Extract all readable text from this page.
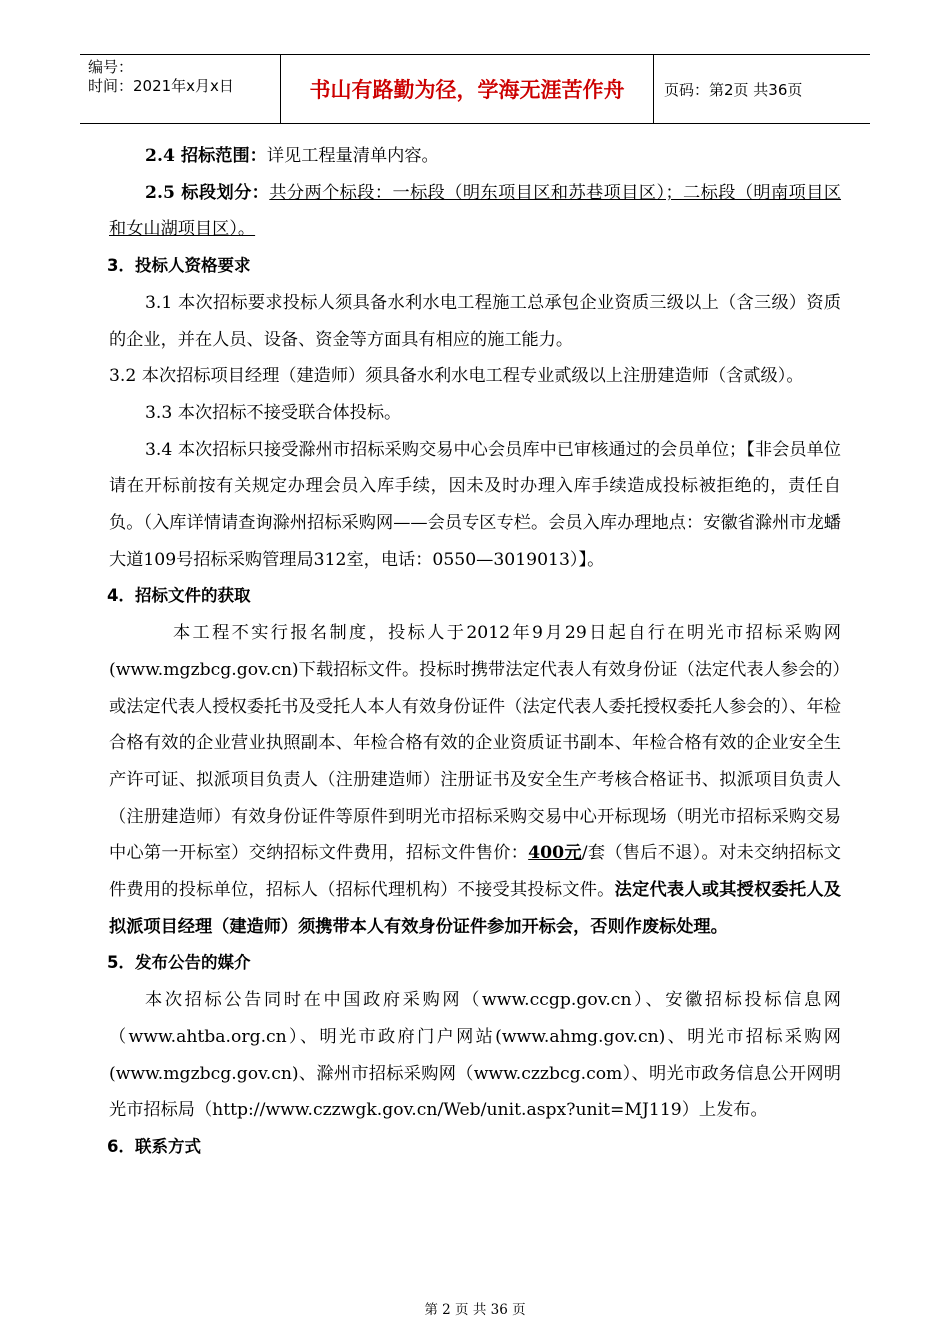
编号：
时间：2021年x月x日	书山有路勤为径，学海无涯苦作舟	页码：第2页 共36页

2.4 招标范围：详见工程量清单内容。

2.5 标段划分：共分两个标段：一标段（明东项目区和苏巷项目区）；二标段（明南项目区和女山湖项目区）。

3．投标人资格要求

3.1 本次招标要求投标人须具备水利水电工程施工总承包企业资质三级以上（含三级）资质的企业，并在人员、设备、资金等方面具有相应的施工能力。

3.2 本次招标项目经理（建造师）须具备水利水电工程专业贰级以上注册建造师（含贰级）。

3.3 本次招标不接受联合体投标。

3.4 本次招标只接受滁州市招标采购交易中心会员库中已审核通过的会员单位；【非会员单位请在开标前按有关规定办理会员入库手续，因未及时办理入库手续造成投标被拒绝的，责任自负。（入库详情请查询滁州招标采购网——会员专区专栏。会员入库办理地点：安徽省滁州市龙蟠大道109号招标采购管理局312室，电话：0550—3019013）】。

4．招标文件的获取

本工程不实行报名制度，投标人于2012年9月29日起自行在明光市招标采购网(www.mgzbcg.gov.cn)下载招标文件。投标时携带法定代表人有效身份证（法定代表人参会的）或法定代表人授权委托书及受托人本人有效身份证件（法定代表人委托授权委托人参会的）、年检合格有效的企业营业执照副本、年检合格有效的企业资质证书副本、年检合格有效的企业安全生产许可证、拟派项目负责人（注册建造师）注册证书及安全生产考核合格证书、拟派项目负责人（注册建造师）有效身份证件等原件到明光市招标采购交易中心开标现场（明光市招标采购交易中心第一开标室）交纳招标文件费用，招标文件售价：400元/套（售后不退）。对未交纳招标文件费用的投标单位，招标人（招标代理机构）不接受其投标文件。法定代表人或其授权委托人及拟派项目经理（建造师）须携带本人有效身份证件参加开标会，否则作废标处理。

5．发布公告的媒介

本次招标公告同时在中国政府采购网（www.ccgp.gov.cn）、安徽招标投标信息网（www.ahtba.org.cn）、明光市政府门户网站(www.ahmg.gov.cn)、明光市招标采购网(www.mgzbcg.gov.cn)、滁州市招标采购网（www.czzbcg.com）、明光市政务信息公开网明光市招标局（http://www.czzwgk.gov.cn/Web/unit.aspx?unit=MJ119）上发布。

6．联系方式

第 2 页 共 36 页
